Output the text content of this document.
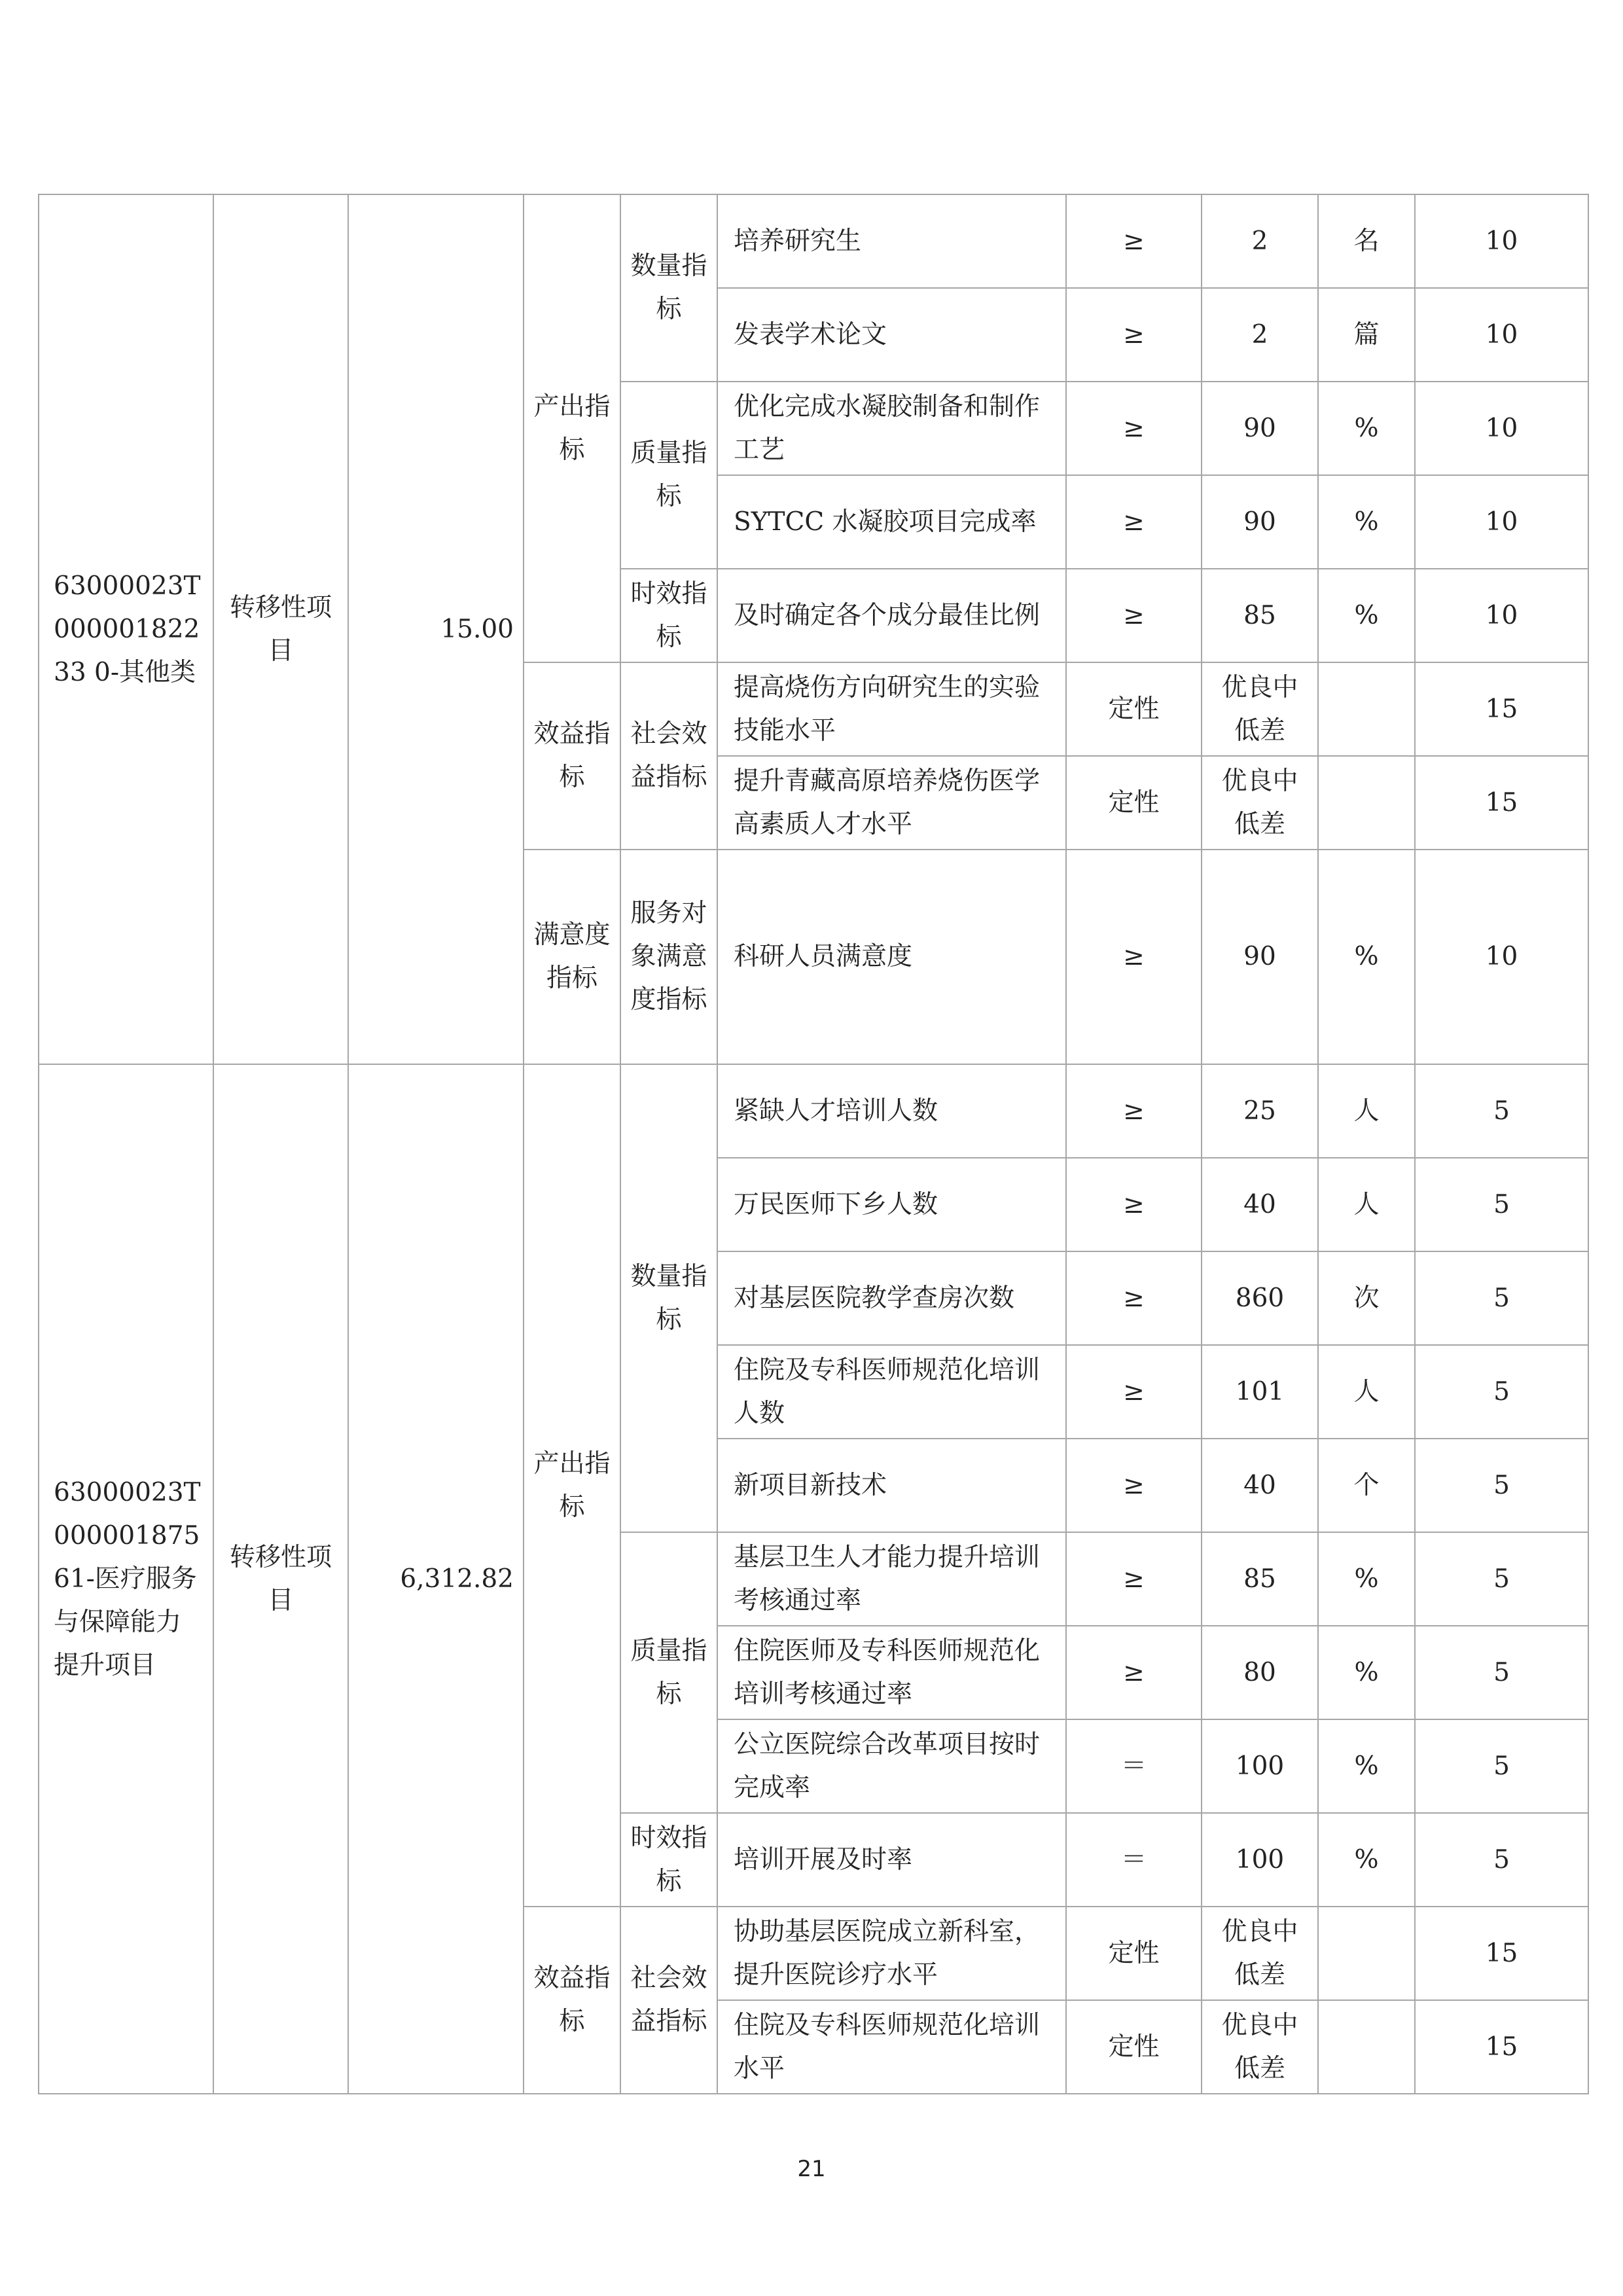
63000023T00000182233 0-其他类	转移性项目	15.00	产出指标	数量指标	培养研究生	≥	2	名	10
					发表学术论文	≥	2	篇	10
				质量指标	优化完成水凝胶制备和制作工艺	≥	90	%	10
					SYTCC 水凝胶项目完成率	≥	90	%	10
				时效指标	及时确定各个成分最佳比例	≥	85	%	10
			效益指标	社会效益指标	提高烧伤方向研究生的实验技能水平	定性	优良中低差		15
					提升青藏高原培养烧伤医学高素质人才水平	定性	优良中低差		15
			满意度指标	服务对象满意度指标	科研人员满意度	≥	90	%	10
63000023T00000187561-医疗服务与保障能力提升项目	转移性项目	6,312.82	产出指标	数量指标	紧缺人才培训人数	≥	25	人	5
					万民医师下乡人数	≥	40	人	5
					对基层医院教学查房次数	≥	860	次	5
					住院及专科医师规范化培训人数	≥	101	人	5
					新项目新技术	≥	40	个	5
				质量指标	基层卫生人才能力提升培训考核通过率	≥	85	%	5
					住院医师及专科医师规范化培训考核通过率	≥	80	%	5
					公立医院综合改革项目按时完成率	＝	100	%	5
				时效指标	培训开展及时率	＝	100	%	5
			效益指标	社会效益指标	协助基层医院成立新科室，提升医院诊疗水平	定性	优良中低差		15
					住院及专科医师规范化培训水平	定性	优良中低差		15
21
